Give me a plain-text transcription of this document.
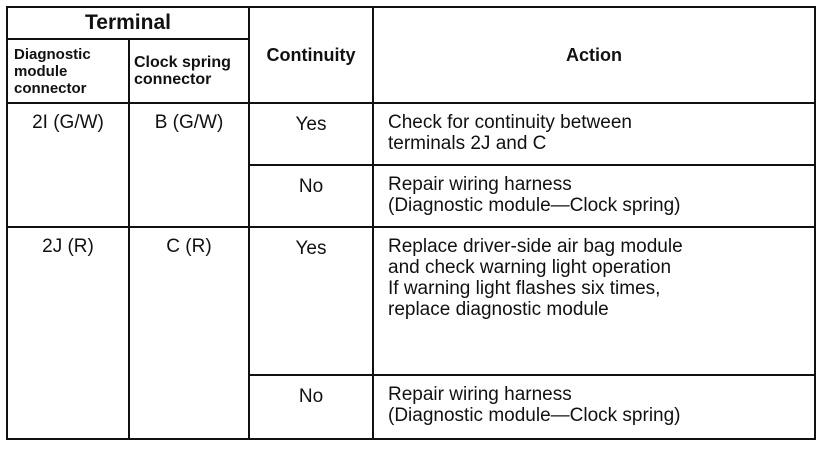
Terminal		Continuity	Action

Diagnostic
module
connector	Clock spring
connector		

2I (G/W)	B (G/W)	Yes	Check for continuity between
terminals 2J and C

		No	Repair wiring harness
(Diagnostic module—Clock spring)

2J (R)	C (R)	Yes	Replace driver-side air bag module
and check warning light operation
If warning light flashes six times,
replace diagnostic module

		No	Repair wiring harness
(Diagnostic module—Clock spring)
